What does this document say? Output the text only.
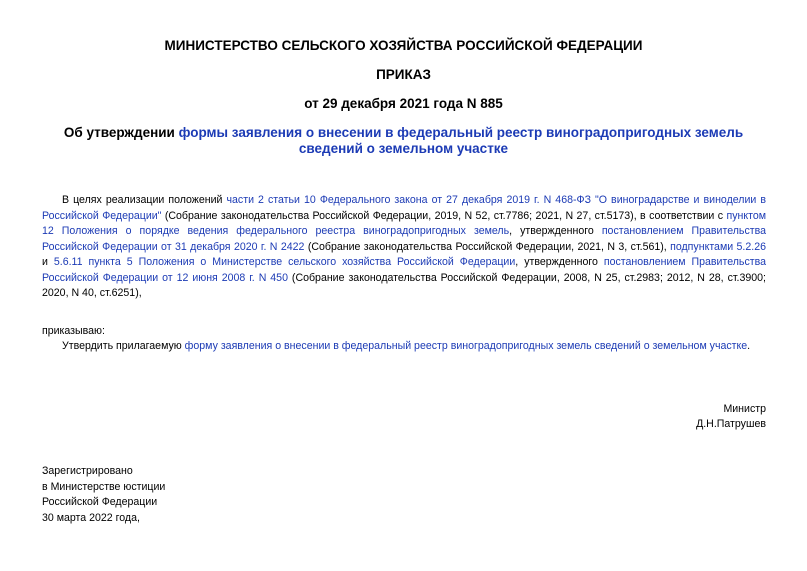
МИНИСТЕРСТВО СЕЛЬСКОГО ХОЗЯЙСТВА РОССИЙСКОЙ ФЕДЕРАЦИИ
ПРИКАЗ
от 29 декабря 2021 года N 885
Об утверждении формы заявления о внесении в федеральный реестр виноградопригодных земель сведений о земельном участке

В целях реализации положений части 2 статьи 10 Федерального закона от 27 декабря 2019 г. N 468-ФЗ "О виноградарстве и виноделии в Российской Федерации" (Собрание законодательства Российской Федерации, 2019, N 52, ст.7786; 2021, N 27, ст.5173), в соответствии с пунктом 12 Положения о порядке ведения федерального реестра виноградопригодных земель, утвержденного постановлением Правительства Российской Федерации от 31 декабря 2020 г. N 2422 (Собрание законодательства Российской Федерации, 2021, N 3, ст.561), подпунктами 5.2.26 и 5.6.11 пункта 5 Положения о Министерстве сельского хозяйства Российской Федерации, утвержденного постановлением Правительства Российской Федерации от 12 июня 2008 г. N 450 (Собрание законодательства Российской Федерации, 2008, N 25, ст.2983; 2012, N 28, ст.3900; 2020, N 40, ст.6251),

приказываю:
Утвердить прилагаемую форму заявления о внесении в федеральный реестр виноградопригодных земель сведений о земельном участке.
Министр
Д.Н.Патрушев
Зарегистрировано
в Министерстве юстиции
Российской Федерации
30 марта 2022 года,
